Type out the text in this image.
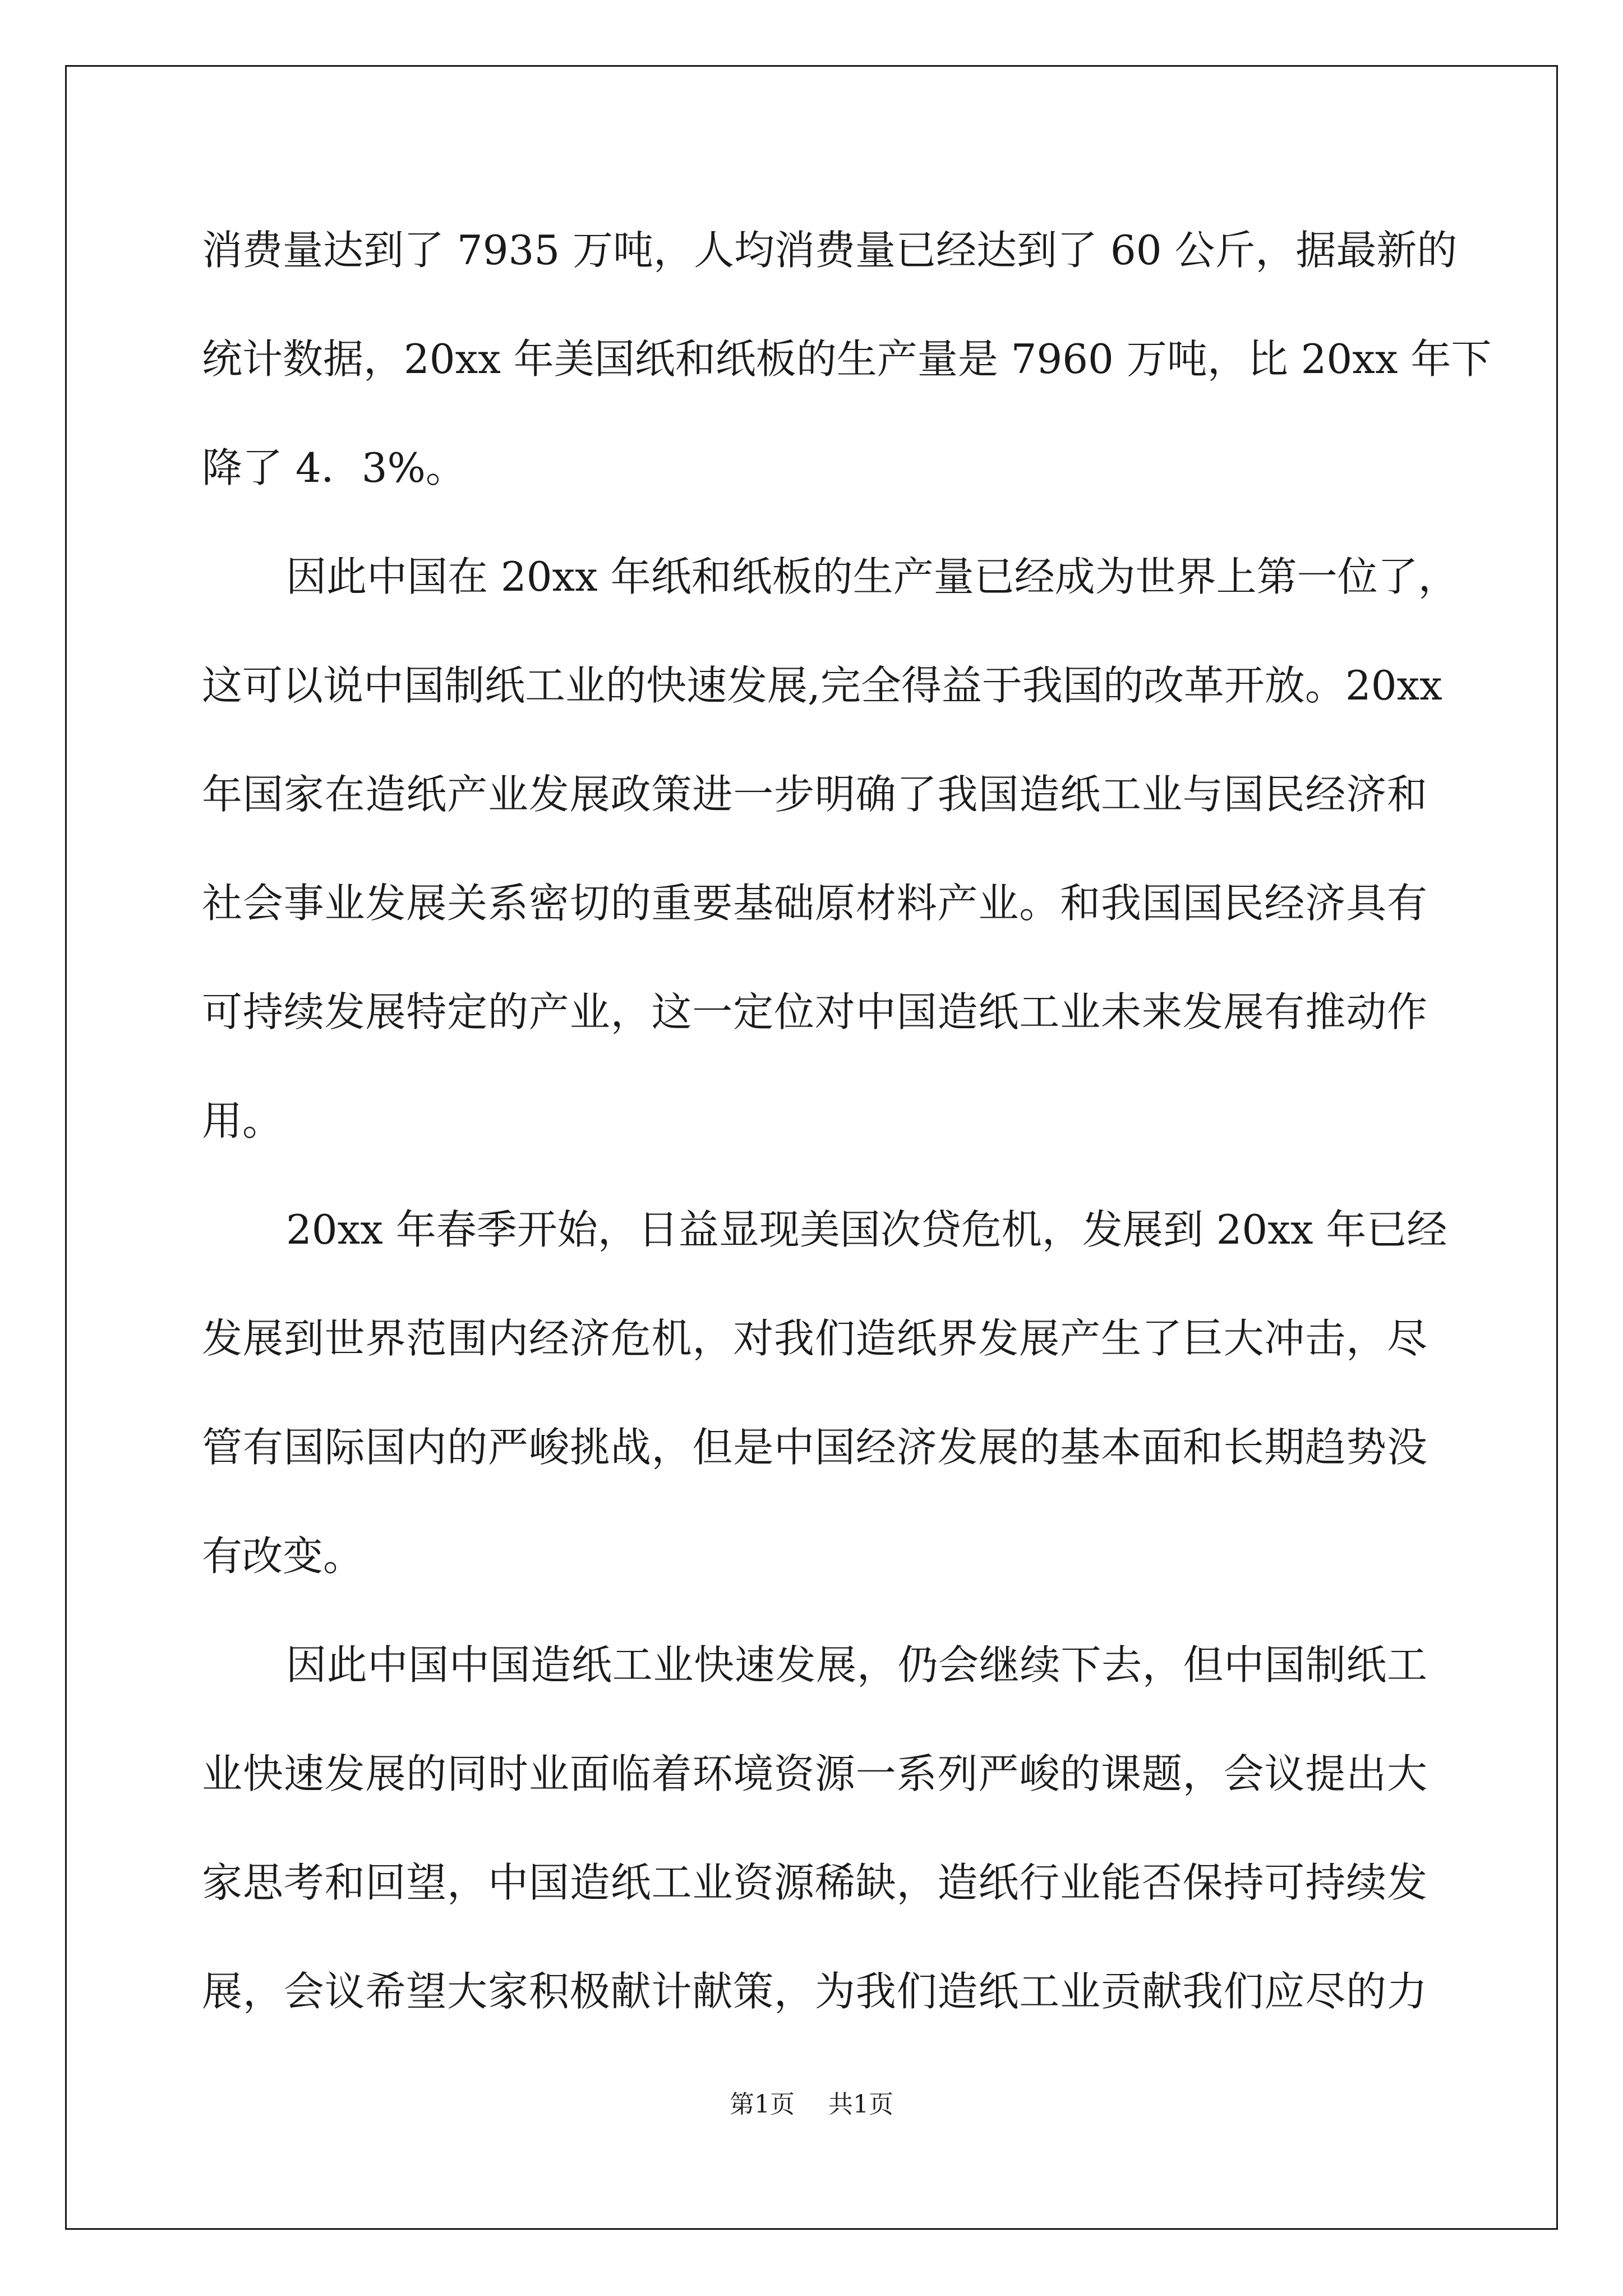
消费量达到了 7935 万吨，人均消费量已经达到了 60 公斤，据最新的
统计数据，20xx 年美国纸和纸板的生产量是 7960 万吨，比 20xx 年下
降了 4．3%。
因此中国在 20xx 年纸和纸板的生产量已经成为世界上第一位了，
这可以说中国制纸工业的快速发展,完全得益于我国的改革开放。20xx
年国家在造纸产业发展政策进一步明确了我国造纸工业与国民经济和
社会事业发展关系密切的重要基础原材料产业。和我国国民经济具有
可持续发展特定的产业，这一定位对中国造纸工业未来发展有推动作
用。
20xx 年春季开始，日益显现美国次贷危机，发展到 20xx 年已经
发展到世界范围内经济危机，对我们造纸界发展产生了巨大冲击，尽
管有国际国内的严峻挑战，但是中国经济发展的基本面和长期趋势没
有改变。
因此中国中国造纸工业快速发展，仍会继续下去，但中国制纸工
业快速发展的同时业面临着环境资源一系列严峻的课题，会议提出大
家思考和回望，中国造纸工业资源稀缺，造纸行业能否保持可持续发
展，会议希望大家积极献计献策，为我们造纸工业贡献我们应尽的力
第1页 共1页
